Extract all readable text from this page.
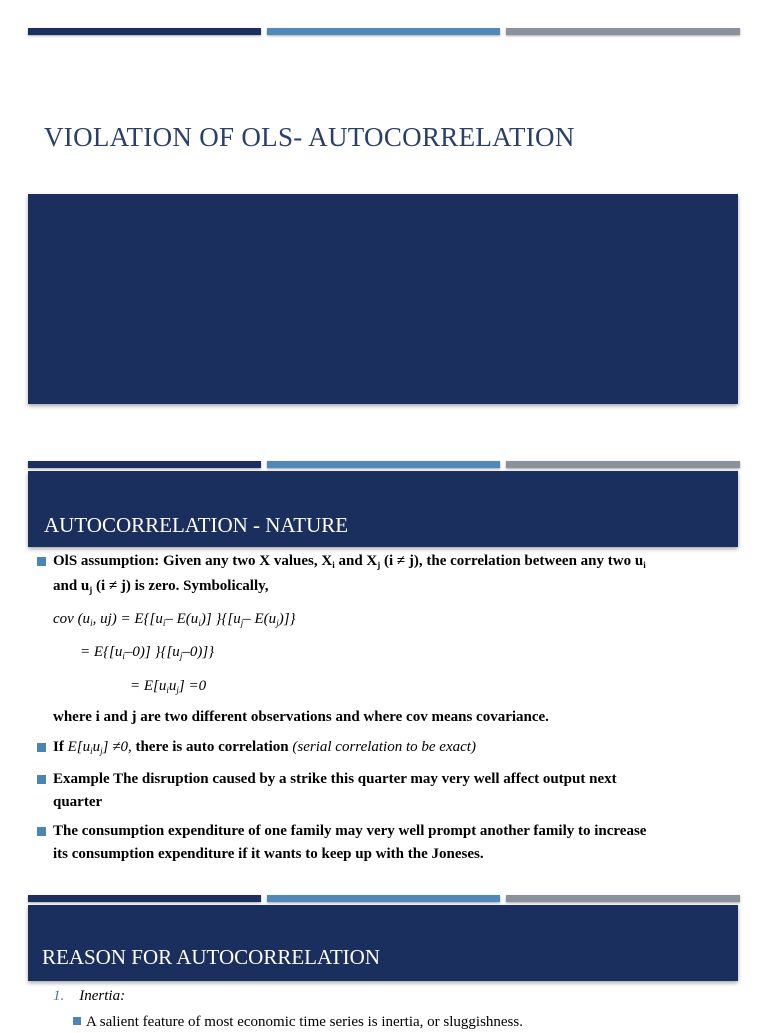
VIOLATION OF OLS- AUTOCORRELATION
AUTOCORRELATION - NATURE
OlS assumption: Given any two X values, $X_i$ and $X_j$ (i ≠ j), the correlation between any two $u_i$
and $u_j$ (i ≠ j) is zero. Symbolically,
cov ($u_i$, $uj) = E\{[u_i-$ $E(u_i)$] }{[$u_j-$ $E(u_j)$]}
= $E\{[u_i-0)]$ }$\{[u_j-0)]$}
= $E[u_iu_j] =0$
where i and j are two different observations and where cov means covariance.
If $E[u_iu_j] \ne 0$, there is auto correlation (serial correlation to be exact)
Example The disruption caused by a strike this quarter may very well affect output next
quarter
The consumption expenditure of one family may very well prompt another family to increase
its consumption expenditure if it wants to keep up with the Joneses.
REASON FOR AUTOCORRELATION
1. Inertia:
A salient feature of most economic time series is inertia, or sluggishness.
